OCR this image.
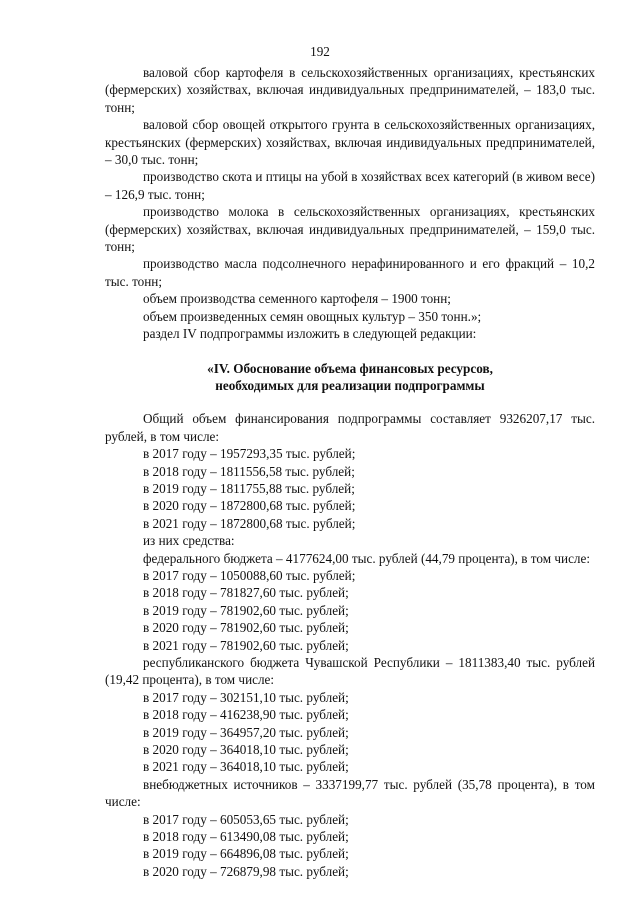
192

валовой сбор картофеля в сельскохозяйственных организациях, крестьянских (фермерских) хозяйствах, включая индивидуальных предпринимателей, – 183,0 тыс. тонн;

валовой сбор овощей открытого грунта в сельскохозяйственных организациях, крестьянских (фермерских) хозяйствах, включая индивидуальных предпринимателей, – 30,0 тыс. тонн;

производство скота и птицы на убой в хозяйствах всех категорий (в живом весе) – 126,9 тыс. тонн;

производство молока в сельскохозяйственных организациях, крестьянских (фермерских) хозяйствах, включая индивидуальных предпринимателей, – 159,0 тыс. тонн;

производство масла подсолнечного нерафинированного и его фракций – 10,2 тыс. тонн;

объем производства семенного картофеля – 1900 тонн;

объем произведенных семян овощных культур – 350 тонн.»;

раздел IV подпрограммы изложить в следующей редакции:

«IV. Обоснование объема финансовых ресурсов,
необходимых для реализации подпрограммы

Общий объем финансирования подпрограммы составляет 9326207,17 тыс. рублей, в том числе:

в 2017 году – 1957293,35 тыс. рублей;

в 2018 году – 1811556,58 тыс. рублей;

в 2019 году – 1811755,88 тыс. рублей;

в 2020 году – 1872800,68 тыс. рублей;

в 2021 году – 1872800,68 тыс. рублей;

из них средства:

федерального бюджета – 4177624,00 тыс. рублей (44,79 процента), в том числе:

в 2017 году – 1050088,60 тыс. рублей;

в 2018 году – 781827,60 тыс. рублей;

в 2019 году – 781902,60 тыс. рублей;

в 2020 году – 781902,60 тыс. рублей;

в 2021 году – 781902,60 тыс. рублей;

республиканского бюджета Чувашской Республики – 1811383,40 тыс. рублей (19,42 процента), в том числе:

в 2017 году – 302151,10 тыс. рублей;

в 2018 году – 416238,90 тыс. рублей;

в 2019 году – 364957,20 тыс. рублей;

в 2020 году – 364018,10 тыс. рублей;

в 2021 году – 364018,10 тыс. рублей;

внебюджетных источников – 3337199,77 тыс. рублей (35,78 процента), в том числе:

в 2017 году – 605053,65 тыс. рублей;

в 2018 году – 613490,08 тыс. рублей;

в 2019 году – 664896,08 тыс. рублей;

в 2020 году – 726879,98 тыс. рублей;
